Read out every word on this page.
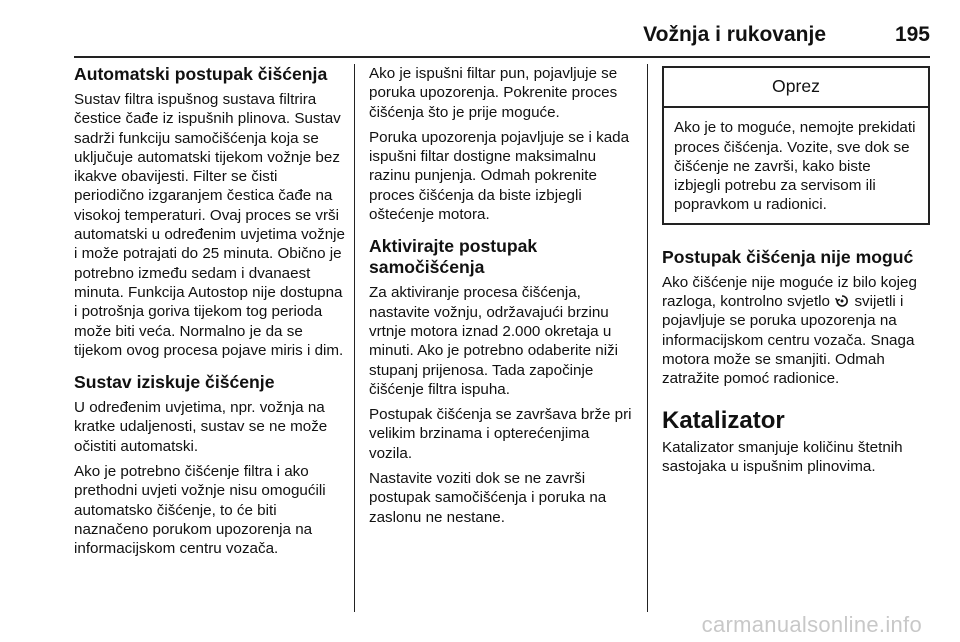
Vožnja i rukovanje	195
Automatski postupak čišćenja

Sustav filtra ispušnog sustava filtrira čestice čađe iz ispušnih plinova. Sustav sadrži funkciju samočišćenja koja se uključuje automatski tijekom vožnje bez ikakve obavijesti. Filter se čisti periodično izgaranjem čestica čađe na visokoj temperaturi. Ovaj proces se vrši automatski u određenim uvjetima vožnje i može potrajati do 25 minuta. Obično je potrebno između sedam i dvanaest minuta. Funkcija Autostop nije dostupna i potrošnja goriva tijekom tog perioda može biti veća. Normalno je da se tijekom ovog procesa pojave miris i dim.

Sustav iziskuje čišćenje

U određenim uvjetima, npr. vožnja na kratke udaljenosti, sustav se ne može očistiti automatski.

Ako je potrebno čišćenje filtra i ako prethodni uvjeti vožnje nisu omogućili automatsko čišćenje, to će biti naznačeno porukom upozorenja na informacijskom centru vozača.

Ako je ispušni filtar pun, pojavljuje se poruka upozorenja. Pokrenite proces čišćenja što je prije moguće.

Poruka upozorenja pojavljuje se i kada ispušni filtar dostigne maksimalnu razinu punjenja. Odmah pokrenite proces čišćenja da biste izbjegli oštećenje motora.

Aktivirajte postupak samočišćenja

Za aktiviranje procesa čišćenja, nastavite vožnju, održavajući brzinu vrtnje motora iznad 2.000 okretaja u minuti. Ako je potrebno odaberite niži stupanj prijenosa. Tada započinje čišćenje filtra ispuha.

Postupak čišćenja se završava brže pri velikim brzinama i opterećenjima vozila.

Nastavite voziti dok se ne završi postupak samočišćenja i poruka na zaslonu ne nestane.

Oprez
Ako je to moguće, nemojte prekidati proces čišćenja. Vozite, sve dok se čišćenje ne završi, kako biste izbjegli potrebu za servisom ili popravkom u radionici.
Postupak čišćenja nije moguć

Ako čišćenje nije moguće iz bilo kojeg razloga, kontrolno svjetlo  svijetli i pojavljuje se poruka upozorenja na informacijskom centru vozača. Snaga motora može se smanjiti. Odmah zatražite pomoć radionice.

Katalizator

Katalizator smanjuje količinu štetnih sastojaka u ispušnim plinovima.

carmanualsonline.info
